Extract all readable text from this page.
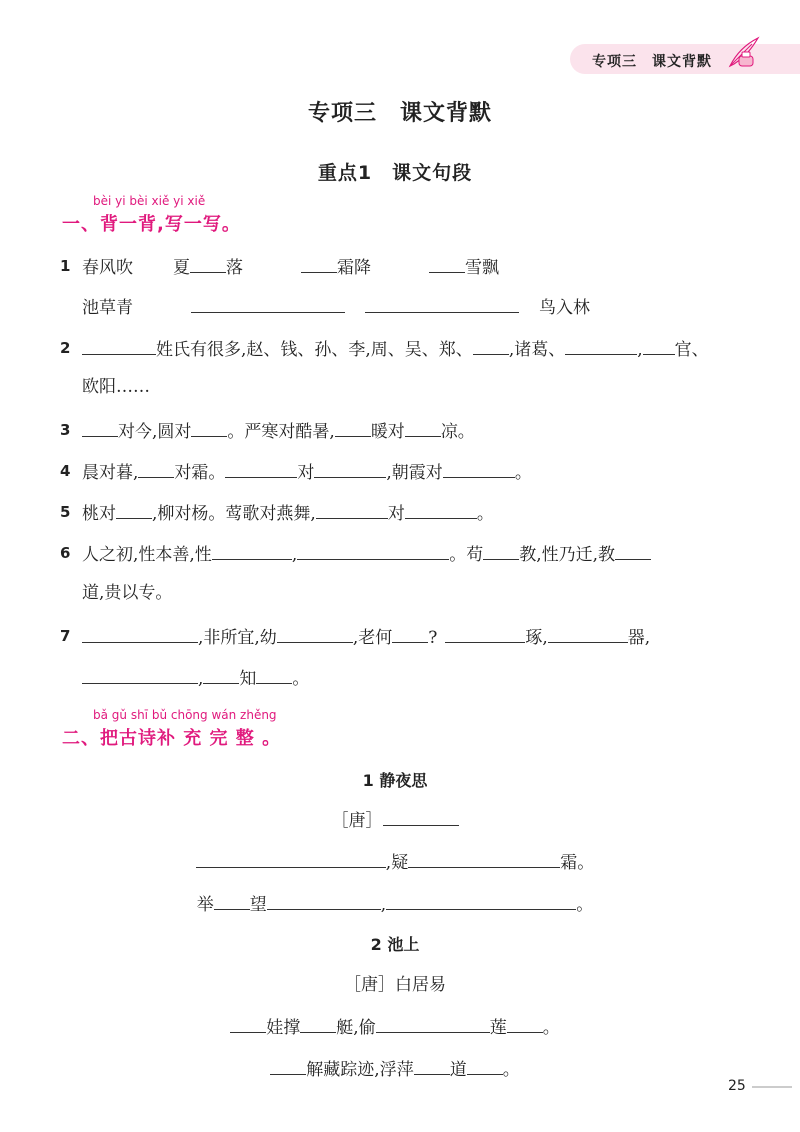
专项三　课文背默
专项三　课文背默
重点1　课文句段
bèi yi bèi xiě yi xiě
一、背一背,写一写。
1 春风吹 夏 落	霜降	雪飘
池草青	鸟入林
2	姓氏有很多,赵、钱、孙、李,周、吴、郑、 ,诸葛、	, 官、
欧阳……
3	对今,圆对 。严寒对酷暑, 暖对 凉。
4 晨对暮, 对霜。	对	,朝霞对	。
5 桃对 ,柳对杨。莺歌对燕舞,	对	。
6 人之初,性本善,性	,	。苟 教,性乃迁,教
道,贵以专。
7	,非所宜,幼	,老何 ?	琢,	器,
, 知 。
bǎ gǔ shī bǔ chōng wán zhěng
二、把古诗补 充 完 整 。
1 静夜思
［唐］
,疑	霜。
举 望	,	。
2 池上
［唐］白居易
娃撑 艇,偷	莲 。
解藏踪迹,浮萍 道 。
25
